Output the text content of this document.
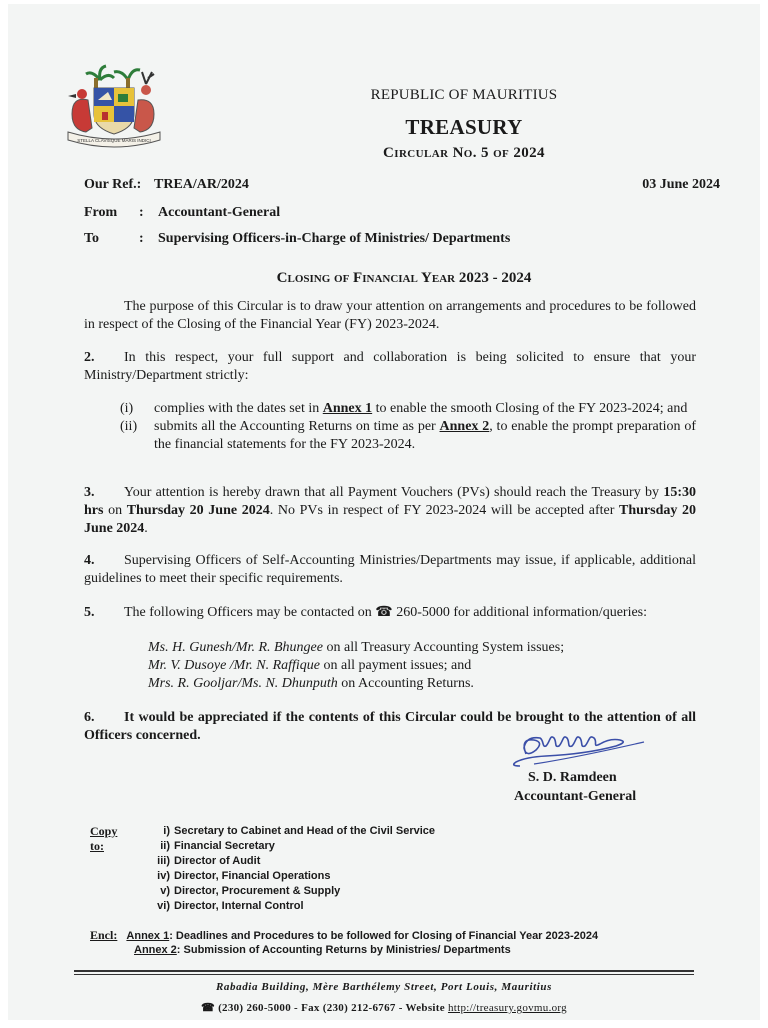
STELLA CLAVISQUE MARIS INDICI
REPUBLIC OF MAURITIUS
TREASURY
Circular No. 5 of 2024
Our Ref.: TREA/AR/2024	03 June 2024
From : Accountant-General
To	: Supervising Officers-in-Charge of Ministries/ Departments
Closing of Financial Year 2023 - 2024
The purpose of this Circular is to draw your attention on arrangements and procedures to be followed in respect of the Closing of the Financial Year (FY) 2023-2024.
2. In this respect, your full support and collaboration is being solicited to ensure that your Ministry/Department strictly:
(i) complies with the dates set in Annex 1 to enable the smooth Closing of the FY 2023-2024; and
(ii) submits all the Accounting Returns on time as per Annex 2, to enable the prompt preparation of the financial statements for the FY 2023-2024.
3. Your attention is hereby drawn that all Payment Vouchers (PVs) should reach the Treasury by 15:30 hrs on Thursday 20 June 2024. No PVs in respect of FY 2023-2024 will be accepted after Thursday 20 June 2024.
4. Supervising Officers of Self-Accounting Ministries/Departments may issue, if applicable, additional guidelines to meet their specific requirements.
5. The following Officers may be contacted on ☎ 260-5000 for additional information/queries:
Ms. H. Gunesh/Mr. R. Bhungee on all Treasury Accounting System issues;
Mr. V. Dusoye /Mr. N. Raffique on all payment issues; and
Mrs. R. Gooljar/Ms. N. Dhunputh on Accounting Returns.
6. It would be appreciated if the contents of this Circular could be brought to the attention of all Officers concerned.
S. D. Ramdeen
Accountant-General
Copy to:
i) Secretary to Cabinet and Head of the Civil Service
ii) Financial Secretary
iii) Director of Audit
iv) Director, Financial Operations
v) Director, Procurement & Supply
vi) Director, Internal Control
Encl: Annex 1: Deadlines and Procedures to be followed for Closing of Financial Year 2023-2024
Annex 2: Submission of Accounting Returns by Ministries/ Departments
Rabadia Building, Mère Barthélemy Street, Port Louis, Mauritius
☎ (230) 260-5000 - Fax (230) 212-6767 - Website http://treasury.govmu.org
